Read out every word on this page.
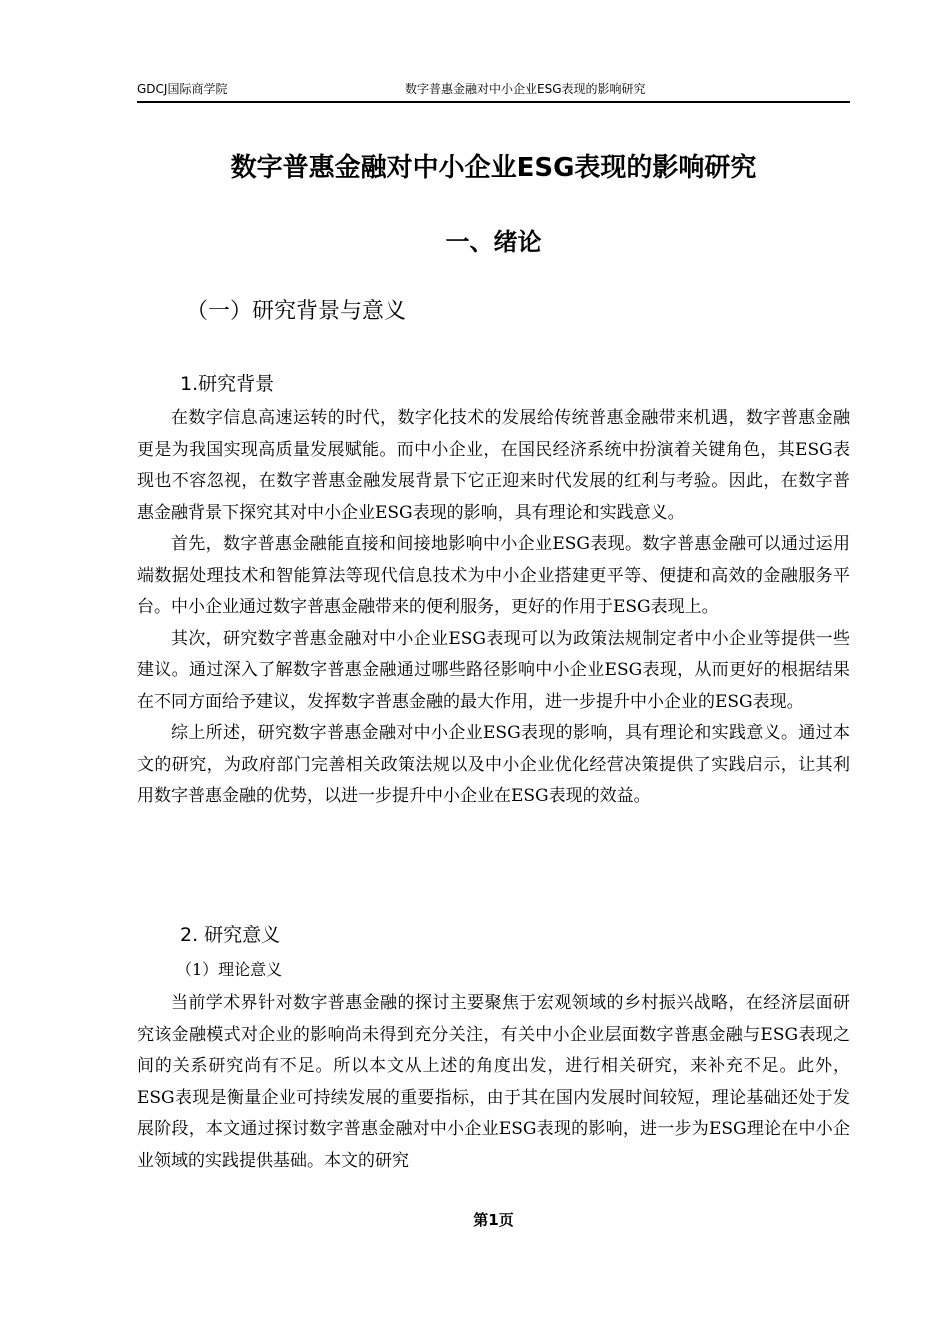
GDCJ国际商学院	数字普惠金融对中小企业ESG表现的影响研究
数字普惠金融对中小企业ESG表现的影响研究
一、绪论
（一）研究背景与意义
1.研究背景

在数字信息高速运转的时代，数字化技术的发展给传统普惠金融带来机遇，数字普惠金融更是为我国实现高质量发展赋能。而中小企业，在国民经济系统中扮演着关键角色，其ESG表现也不容忽视，在数字普惠金融发展背景下它正迎来时代发展的红利与考验。因此，在数字普惠金融背景下探究其对中小企业ESG表现的影响，具有理论和实践意义。

首先，数字普惠金融能直接和间接地影响中小企业ESG表现。数字普惠金融可以通过运用端数据处理技术和智能算法等现代信息技术为中小企业搭建更平等、便捷和高效的金融服务平台。中小企业通过数字普惠金融带来的便利服务，更好的作用于ESG表现上。

其次，研究数字普惠金融对中小企业ESG表现可以为政策法规制定者中小企业等提供一些建议。通过深入了解数字普惠金融通过哪些路径影响中小企业ESG表现，从而更好的根据结果在不同方面给予建议，发挥数字普惠金融的最大作用，进一步提升中小企业的ESG表现。

综上所述，研究数字普惠金融对中小企业ESG表现的影响，具有理论和实践意义。通过本文的研究，为政府部门完善相关政策法规以及中小企业优化经营决策提供了实践启示，让其利用数字普惠金融的优势，以进一步提升中小企业在ESG表现的效益。

2. 研究意义
（1）理论意义

当前学术界针对数字普惠金融的探讨主要聚焦于宏观领域的乡村振兴战略，在经济层面研究该金融模式对企业的影响尚未得到充分关注，有关中小企业层面数字普惠金融与ESG表现之间的关系研究尚有不足。所以本文从上述的角度出发，进行相关研究，来补充不足。此外，ESG表现是衡量企业可持续发展的重要指标，由于其在国内发展时间较短，理论基础还处于发展阶段，本文通过探讨数字普惠金融对中小企业ESG表现的影响，进一步为ESG理论在中小企业领域的实践提供基础。本文的研究

第1页
